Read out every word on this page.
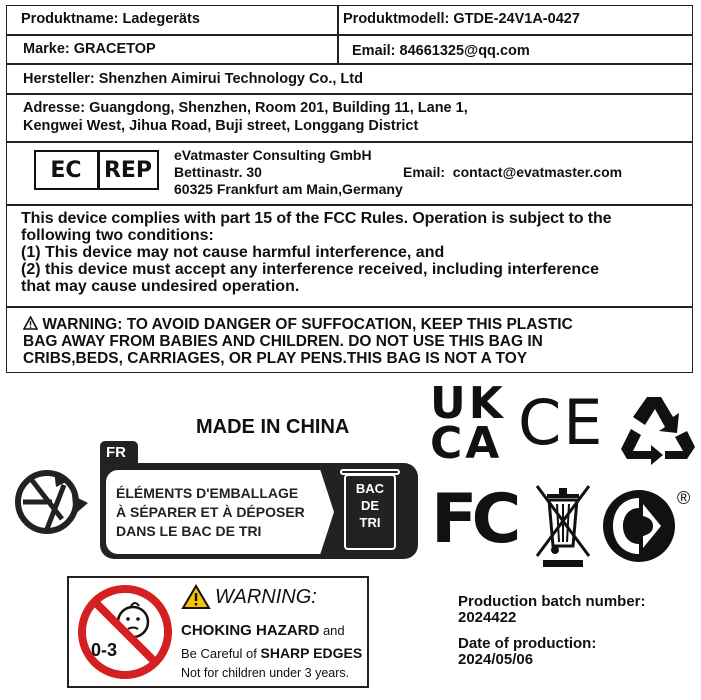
Produktname: Ladegeräts	Produktmodell: GTDE-24V1A-0427
Marke: GRACETOP	Email: 84661325@qq.com
Hersteller: Shenzhen Aimirui Technology Co., Ltd
Adresse: Guangdong, Shenzhen, Room 201, Building 11, Lane 1,
Kengwei West, Jihua Road, Buji street, Longgang District
EC	REP
eVatmaster Consulting GmbH
Bettinastr. 30
60325 Frankfurt am Main,Germany
Email:  contact@evatmaster.com
This device complies with part 15 of the FCC Rules. Operation is subject to the
following two conditions:
(1) This device may not cause harmful interference, and
(2) this device must accept any interference received, including interference
that may cause undesired operation.
WARNING: TO AVOID DANGER OF SUFFOCATION, KEEP THIS PLASTIC
BAG AWAY FROM BABIES AND CHILDREN. DO NOT USE THIS BAG IN
CRIBS,BEDS, CARRIAGES, OR PLAY PENS.THIS BAG IS NOT A TOY
MADE IN CHINA
FR
ÉLÉMENTS D'EMBALLAGE
À SÉPARER ET À DÉPOSER
DANS LE BAC DE TRI
BAC
DE
TRI
UK
CA CE
FC	®
0-3
WARNING:
CHOKING HAZARD and
Be Careful of SHARP EDGES
Not for children under 3 years.
Production batch number:
2024422
Date of production:
2024/05/06
